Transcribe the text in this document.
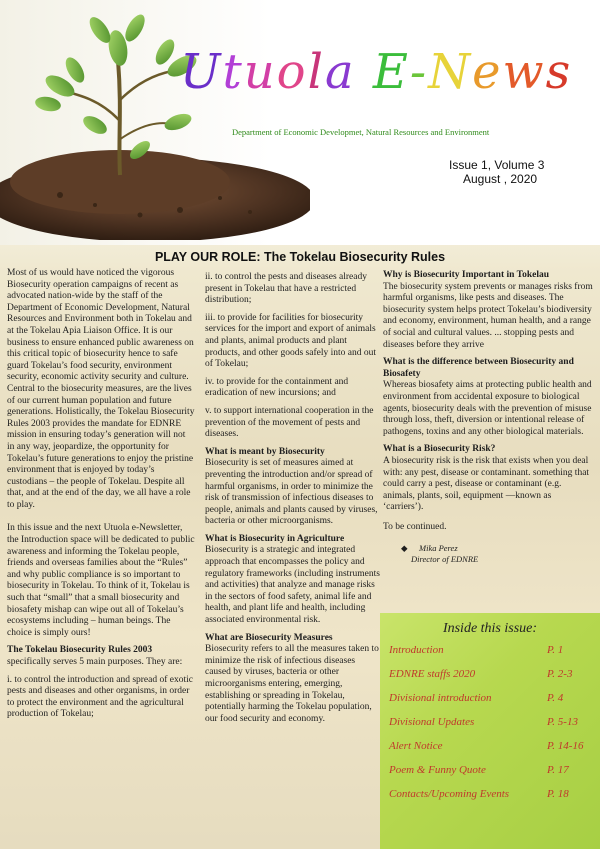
Utuola E-News
Department of Economic Developmet, Natural Resources and Environment
Issue 1, Volume 3
August , 2020
PLAY OUR ROLE: The Tokelau Biosecurity Rules

Most of us would have noticed the vigorous Biosecurity operation campaigns of recent as advocated nation-wide by the staff of the Department of Economic Development, Natural Resources and Environment both in Tokelau and at the Tokelau Apia Liaison Office. It is our business to ensure enhanced public awareness on this critical topic of biosecurity hence to safe guard Tokelau’s food security, environment security, economic activity security and culture. Central to the biosecurity measures, are the lives of our current human population and future generations. Holistically, the Tokelau Biosecurity Rules 2003 provides the mandate for EDNRE mission in ensuring today’s generation will not in any way, jeopardize, the opportunity for Tokelau’s future generations to enjoy the pristine environment that is enjoyed by today’s custodians – the people of Tokelau. Despite all that, and at the end of the day, we all have a role to play.

In this issue and the next Utuola e-Newsletter, the Introduction space will be dedicated to public awareness and informing the Tokelau people, friends and overseas families about the “Rules” and why public compliance is so important to biosecurity in Tokelau. To think of it, Tokelau is such that “small” that a small biosecurity and biosafety mishap can wipe out all of Tokelau’s ecosystems including – human beings. The choice is simply ours!

The Tokelau Biosecurity Rules 2003

specifically serves 5 main purposes. They are:

i. to control the introduction and spread of exotic pests and diseases and other organisms, in order to protect the environment and the agricultural production of Tokelau;

ii. to control the pests and diseases already present in Tokelau that have a restricted distribution;

iii. to provide for facilities for biosecurity services for the import and export of animals and plants, animal products and plant products, and other goods safely into and out of Tokelau;

iv. to provide for the containment and eradication of new incursions; and

v. to support international cooperation in the prevention of the movement of pests and diseases.

What is meant by Biosecurity

Biosecurity is set of measures aimed at preventing the introduction and/or spread of harmful organisms, in order to minimize the risk of transmission of infectious diseases to people, animals and plants caused by viruses, bacteria or other microorganisms.

What is Biosecurity in Agriculture

Biosecurity is a strategic and integrated approach that encompasses the policy and regulatory frameworks (including instruments and activities) that analyze and manage risks in the sectors of food safety, animal life and health, and plant life and health, including associated environmental risk.

What are Biosecurity Measures

Biosecurity refers to all the measures taken to minimize the risk of infectious diseases caused by viruses, bacteria or other microorganisms entering, emerging, establishing or spreading in Tokelau, potentially harming the Tokelau population, our food security and economy.

Why is Biosecurity Important in Tokelau

The biosecurity system prevents or manages risks from harmful organisms, like pests and diseases. The biosecurity system helps protect Tokelau’s biodiversity and economy, environment, human health, and a range of social and cultural values. ... stopping pests and diseases before they arrive

What is the difference between Biosecurity and Biosafety

Whereas biosafety aims at protecting public health and environment from accidental exposure to biological agents, biosecurity deals with the prevention of misuse through loss, theft, diversion or intentional release of pathogens, toxins and any other biological materials.

What is a Biosecurity Risk?

A biosecurity risk is the risk that exists when you deal with: any pest, disease or contaminant. something that could carry a pest, disease or contaminant (e.g. animals, plants, soil, equipment —known as ‘carriers’).

To be continued.

◆ Mika Perez
Director of EDNRE
Inside this issue:
Introduction	P. 1
EDNRE staffs 2020	P. 2-3
Divisional introduction	P. 4
Divisional Updates	P. 5-13
Alert Notice	P. 14-16
Poem & Funny Quote	P. 17
Contacts/Upcoming Events	P. 18
